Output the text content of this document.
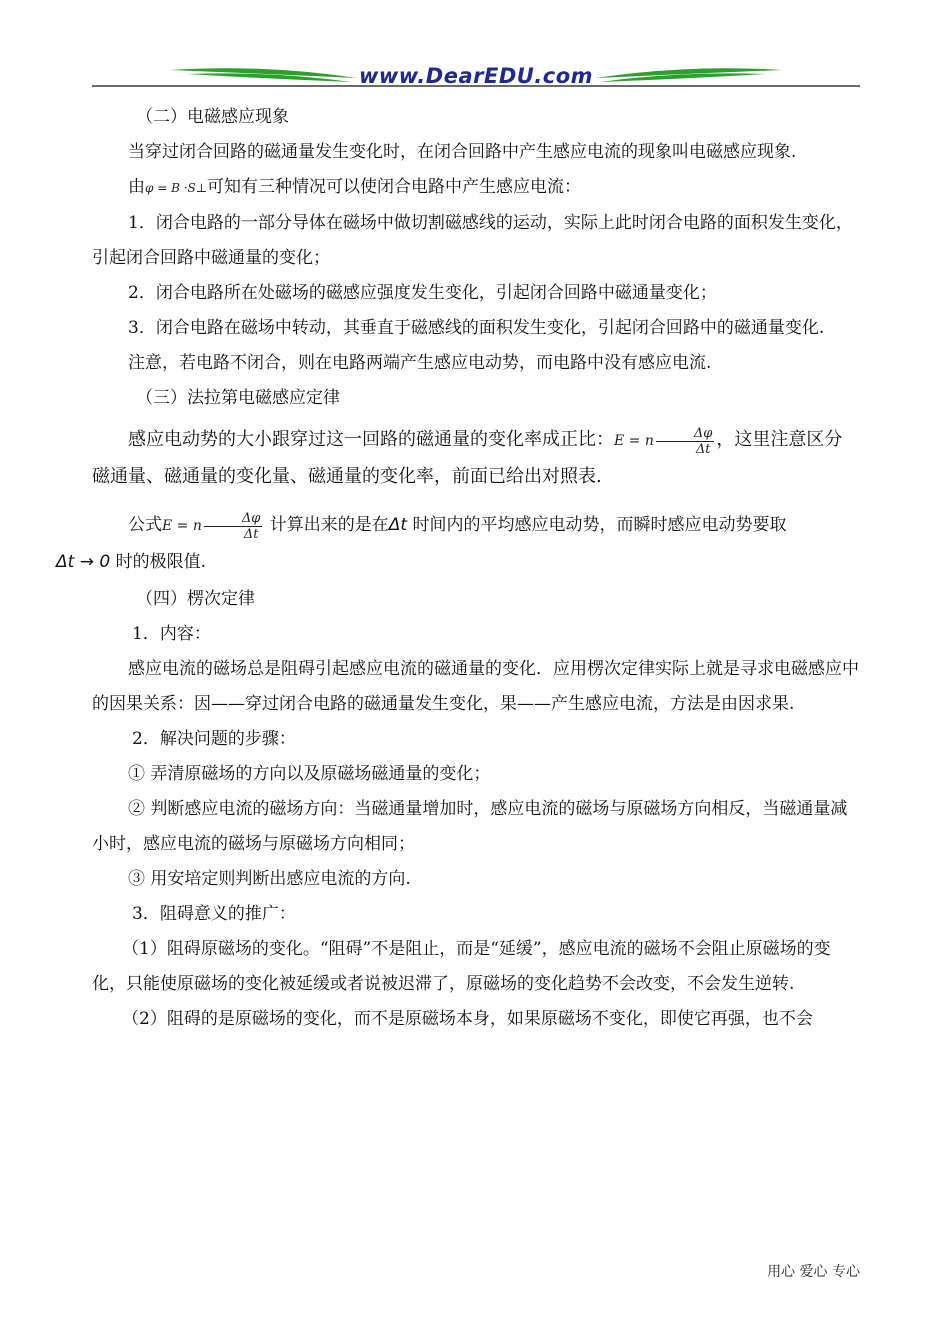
www.DearEDU.com

（二）电磁感应现象

当穿过闭合回路的磁通量发生变化时，在闭合回路中产生感应电流的现象叫电磁感应现象.

由φ = B ·S⊥可知有三种情况可以使闭合电路中产生感应电流：

1．闭合电路的一部分导体在磁场中做切割磁感线的运动，实际上此时闭合电路的面积发生变化，引起闭合回路中磁通量的变化；

2．闭合电路所在处磁场的磁感应强度发生变化，引起闭合回路中磁通量变化；

3．闭合电路在磁场中转动，其垂直于磁感线的面积发生变化，引起闭合回路中的磁通量变化.

注意，若电路不闭合，则在电路两端产生感应电动势，而电路中没有感应电流.

（三）法拉第电磁感应定律

感应电动势的大小跟穿过这一回路的磁通量的变化率成正比：E = n $\frac{\Delta\varphi}{\Delta t}$ ，这里注意区分磁通量、磁通量的变化量、磁通量的变化率，前面已给出对照表.

公式E = n $\frac{\Delta\varphi}{\Delta t}$ 计算出来的是在Δt 时间内的平均感应电动势，而瞬时感应电动势要取
Δt → 0 时的极限值.

（四）楞次定律

1．内容：

感应电流的磁场总是阻碍引起感应电流的磁通量的变化．应用楞次定律实际上就是寻求电磁感应中的因果关系：因——穿过闭合电路的磁通量发生变化，果——产生感应电流，方法是由因求果.

2．解决问题的步骤：

① 弄清原磁场的方向以及原磁场磁通量的变化；

② 判断感应电流的磁场方向：当磁通量增加时，感应电流的磁场与原磁场方向相反，当磁通量减小时，感应电流的磁场与原磁场方向相同；

③ 用安培定则判断出感应电流的方向.

3．阻碍意义的推广：

（1）阻碍原磁场的变化。“阻碍”不是阻止，而是“延缓”，感应电流的磁场不会阻止原磁场的变化，只能使原磁场的变化被延缓或者说被迟滞了，原磁场的变化趋势不会改变，不会发生逆转.

（2）阻碍的是原磁场的变化，而不是原磁场本身，如果原磁场不变化，即使它再强，也不会

用心 爱心 专心
